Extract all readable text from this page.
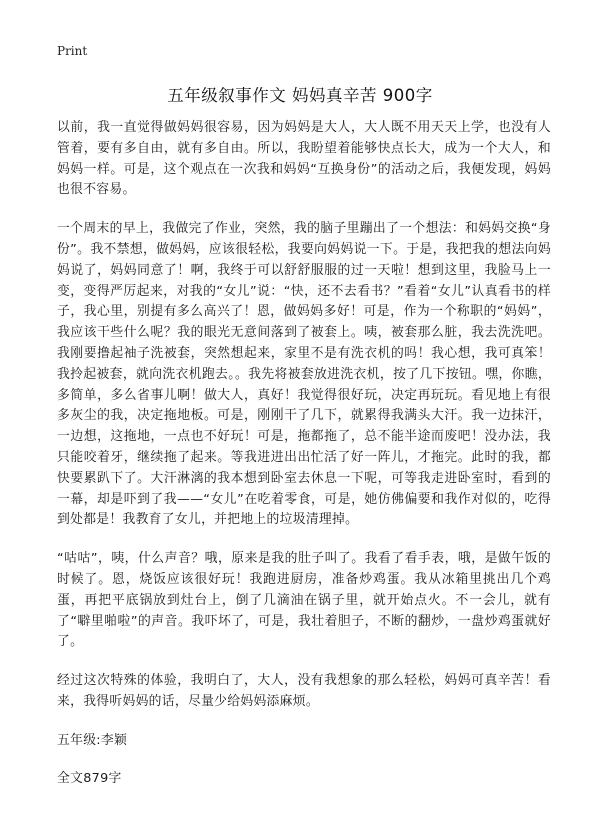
Print
五年级叙事作文 妈妈真辛苦 900字

以前，我一直觉得做妈妈很容易，因为妈妈是大人，大人既不用天天上学，也没有人管着，要有多自由，就有多自由。所以，我盼望着能够快点长大，成为一个大人，和妈妈一样。可是，这个观点在一次我和妈妈“互换身份”的活动之后，我便发现，妈妈也很不容易。

一个周末的早上，我做完了作业，突然，我的脑子里蹦出了一个想法：和妈妈交换“身份”。我不禁想，做妈妈，应该很轻松，我要向妈妈说一下。于是，我把我的想法向妈妈说了，妈妈同意了！啊，我终于可以舒舒服服的过一天啦！想到这里，我脸马上一变，变得严厉起来，对我的“女儿”说：“快，还不去看书？”看着“女儿”认真看书的样子，我心里，别提有多么高兴了！恩，做妈妈多好！可是，作为一个称职的“妈妈”，我应该干些什么呢？我的眼光无意间落到了被套上。咦，被套那么脏，我去洗洗吧。我刚要撸起袖子洗被套，突然想起来，家里不是有洗衣机的吗！我心想，我可真笨！我拎起被套，就向洗衣机跑去。。我先将被套放进洗衣机，按了几下按钮。嘿，你瞧，多简单，多么省事儿啊！做大人，真好！我觉得很好玩，决定再玩玩。看见地上有很多灰尘的我，决定拖地板。可是，刚刚干了几下，就累得我满头大汗。我一边抹汗，一边想，这拖地，一点也不好玩！可是，拖都拖了，总不能半途而废吧！没办法，我只能咬着牙，继续拖了起来。等我进进出出忙活了好一阵儿，才拖完。此时的我，都快要累趴下了。大汗淋漓的我本想到卧室去休息一下呢，可等我走进卧室时，看到的一幕，却是吓到了我——“女儿”在吃着零食，可是，她仿佛偏要和我作对似的，吃得到处都是！我教育了女儿，并把地上的垃圾清理掉。

“咕咕”，咦，什么声音？哦，原来是我的肚子叫了。我看了看手表，哦，是做午饭的时候了。恩，烧饭应该很好玩！我跑进厨房，准备炒鸡蛋。我从冰箱里挑出几个鸡蛋，再把平底锅放到灶台上，倒了几滴油在锅子里，就开始点火。不一会儿，就有了“噼里啪啦”的声音。我吓坏了，可是，我壮着胆子，不断的翻炒，一盘炒鸡蛋就好了。

经过这次特殊的体验，我明白了，大人，没有我想象的那么轻松，妈妈可真辛苦！看来，我得听妈妈的话，尽量少给妈妈添麻烦。

五年级:李颖
全文879字
